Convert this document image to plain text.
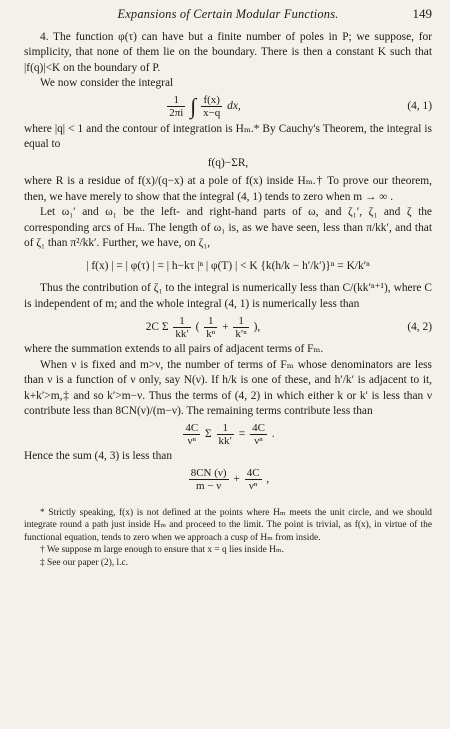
Expansions of Certain Modular Functions.	149

4. The function φ(τ) can have but a finite number of poles in P; we suppose, for simplicity, that none of them lie on the boundary. There is then a constant K such that |f(q)|<K on the boundary of P.

We now consider the integral

$\frac{1}{2\pi i}$ ∫ $\frac{f(x)}{x-q}$ dx,	(4, 1)

where |q| < 1 and the contour of integration is Hₘ.* By Cauchy's Theorem, the integral is equal to

f(q)−ΣR,

where R is a residue of f(x)/(q−x) at a pole of f(x) inside Hₘ.† To prove our theorem, then, we have merely to show that the integral (4, 1) tends to zero when m → ∞ .

Let ω₁′ and ω₁ be the left- and right-hand parts of ω, and ζ₁′, ζ₁ and ζ the corresponding arcs of Hₘ. The length of ω₁ is, as we have seen, less than π/kk′, and that of ζ₁ than π²/kk′. Further, we have, on ζ₁,

| f(x) | = | φ(τ) | = | h−kτ |ⁿ | φ(T) | < K {k(h/k − h′/k′)}ⁿ = K/k′ⁿ

Thus the contribution of ζ₁ to the integral is numerically less than C/(kk′ⁿ⁺¹), where C is independent of m; and the whole integral (4, 1) is numerically less than

2C Σ $\frac{1}{kk'}$ ( $\frac{1}{\text{kⁿ}} + \frac{1}{\text{k′ⁿ}}$ ),	(4, 2)

where the summation extends to all pairs of adjacent terms of Fₘ.

When ν is fixed and m>ν, the number of terms of Fₘ whose denominators are less than ν is a function of ν only, say N(ν). If h/k is one of these, and h′/k′ is adjacent to it, k+k′>m,‡ and so k′>m−ν. Thus the terms of (4, 2) in which either k or k′ is less than ν contribute less than 8CN(ν)/(m−ν). The remaining terms contribute less than

$\frac{4C}{\text{νⁿ}}$ Σ $\frac{1}{kk'} = \frac{4C}{\text{νⁿ}}$ .

Hence the sum (4, 3) is less than

$\frac{8CN (\nu)}{m - \nu} + \frac{4C}{\text{νⁿ}}$ ,

* Strictly speaking, f(x) is not defined at the points where Hₘ meets the unit circle, and we should integrate round a path just inside Hₘ and proceed to the limit. The point is trivial, as f(x), in virtue of the functional equation, tends to zero when we approach a cusp of Hₘ from inside.

† We suppose m large enough to ensure that x = q lies inside Hₘ.

‡ See our paper (2), l.c.
